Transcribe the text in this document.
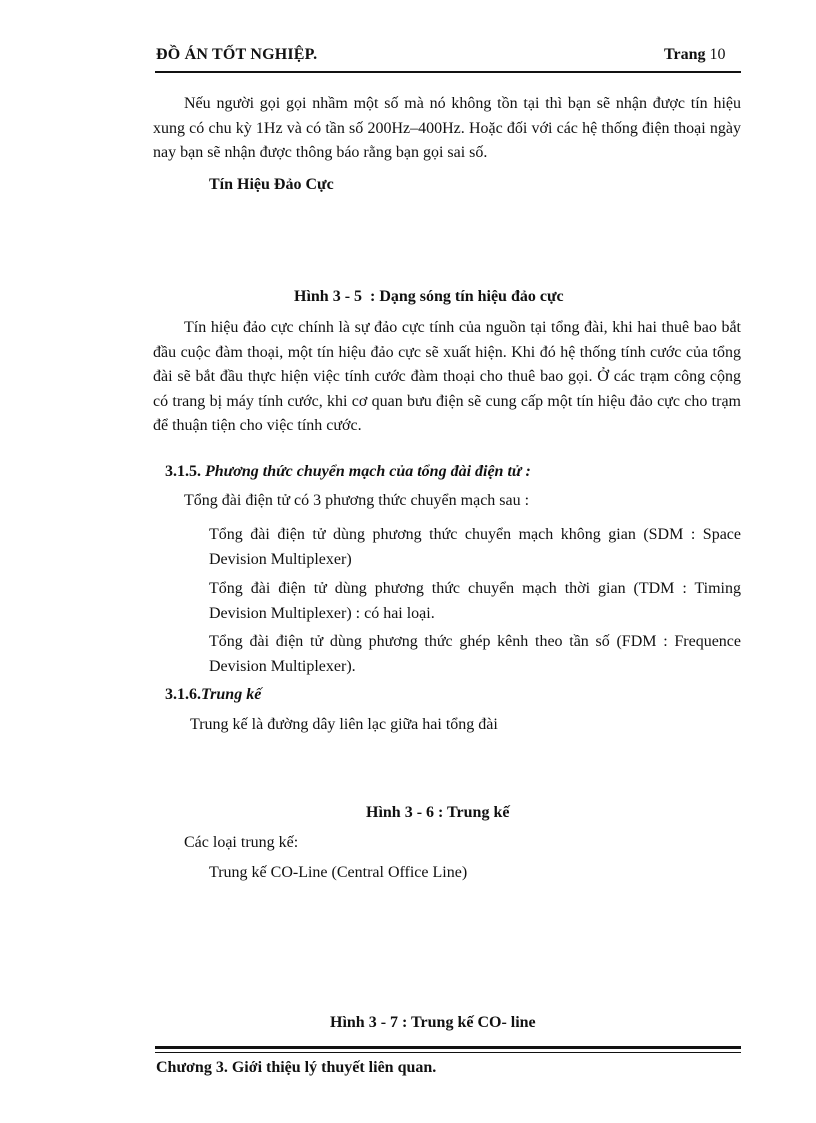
ĐỒ ÁN TỐT NGHIỆP.	Trang 10
Nếu người gọi gọi nhầm một số mà nó không tồn tại thì bạn sẽ nhận được tín hiệu xung có chu kỳ 1Hz và có tần số 200Hz–400Hz. Hoặc đối với các hệ thống điện thoại ngày nay bạn sẽ nhận được thông báo rằng bạn gọi sai số.
Tín Hiệu Đảo Cực
Hình 3 - 5  : Dạng sóng tín hiệu đảo cực
Tín hiệu đảo cực chính là sự đảo cực tính của nguồn tại tổng đài, khi hai thuê bao bắt đầu cuộc đàm thoại, một tín hiệu đảo cực sẽ xuất hiện. Khi đó hệ thống tính cước của tổng đài sẽ bắt đầu thực hiện việc tính cước đàm thoại cho thuê bao gọi. Ở các trạm công cộng có trang bị máy tính cước, khi cơ quan bưu điện sẽ cung cấp một tín hiệu đảo cực cho trạm để thuận tiện cho việc tính cước.
3.1.5. Phương thức chuyển mạch của tổng đài điện tử :
Tổng đài điện tử có 3 phương thức chuyển mạch sau :
Tổng đài điện tử dùng phương thức chuyển mạch không gian (SDM : Space Devision Multiplexer)
Tổng đài điện tử dùng phương thức chuyển mạch thời gian (TDM : Timing Devision Multiplexer) : có hai loại.
Tổng đài điện tử dùng phương thức ghép kênh theo tần số (FDM : Frequence Devision Multiplexer).
3.1.6.Trung kế
Trung kế là đường dây liên lạc giữa hai tổng đài
Hình 3 - 6 : Trung kế
Các loại trung kế:
Trung kế CO-Line (Central Office Line)
Hình 3 - 7 : Trung kế CO- line
Chương 3. Giới thiệu lý thuyết liên quan.
